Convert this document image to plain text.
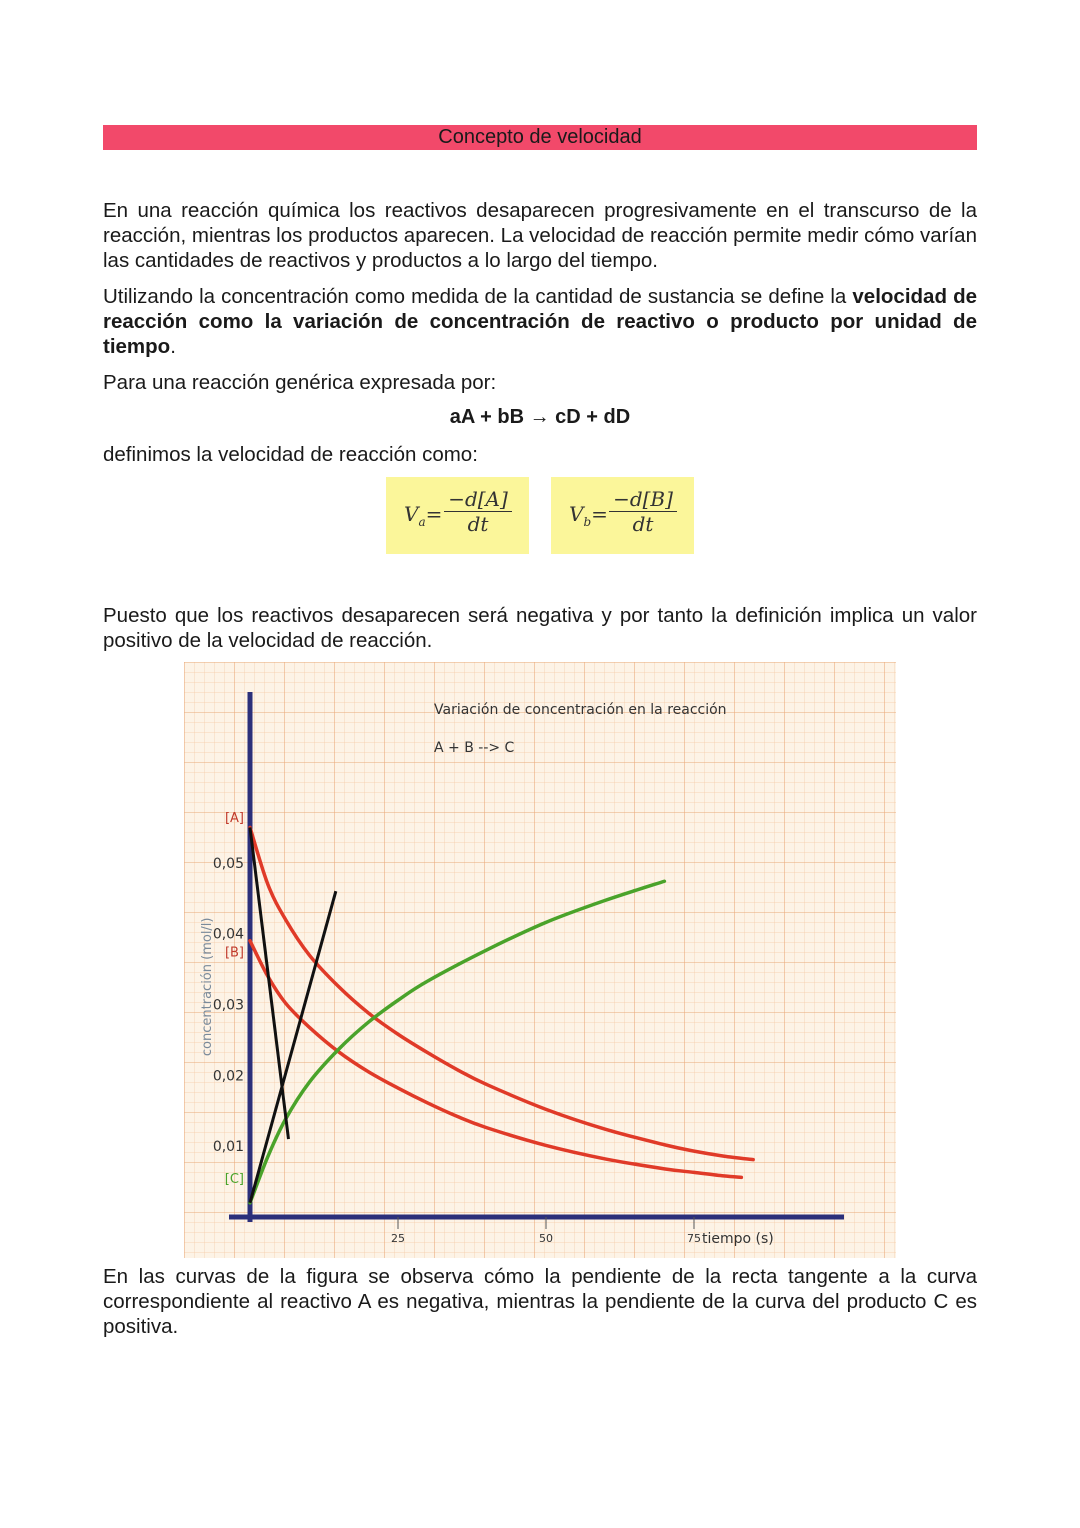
Concepto de velocidad

En una reacción química los reactivos desaparecen progresivamente en el transcurso de la reacción, mientras los productos aparecen. La velocidad de reacción permite medir cómo varían las cantidades de reactivos y productos a lo largo del tiempo.

Utilizando la concentración como medida de la cantidad de sustancia se define la velocidad de reacción como la variación de concentración de reactivo o producto por unidad de tiempo.

Para una reacción genérica expresada por:

aA + bB → cD + dD

definimos la velocidad de reacción como:

$V_a= \frac{-d[A]}{dt}$	$V_b= \frac{-d[B]}{dt}$

Puesto que los reactivos desaparecen será negativa y por tanto la definición implica un valor positivo de la velocidad de reacción.

Variación de concentración en la reacción
A + B --> C
0,01
0,02
0,03
0,04
0,05
25	50	75 tiempo (s)
concentración (mol/l)
[A]
[B]
[C]

En las curvas de la figura se observa cómo la pendiente de la recta tangente a la curva correspondiente al reactivo A es negativa, mientras la pendiente de la curva del producto C es positiva.
